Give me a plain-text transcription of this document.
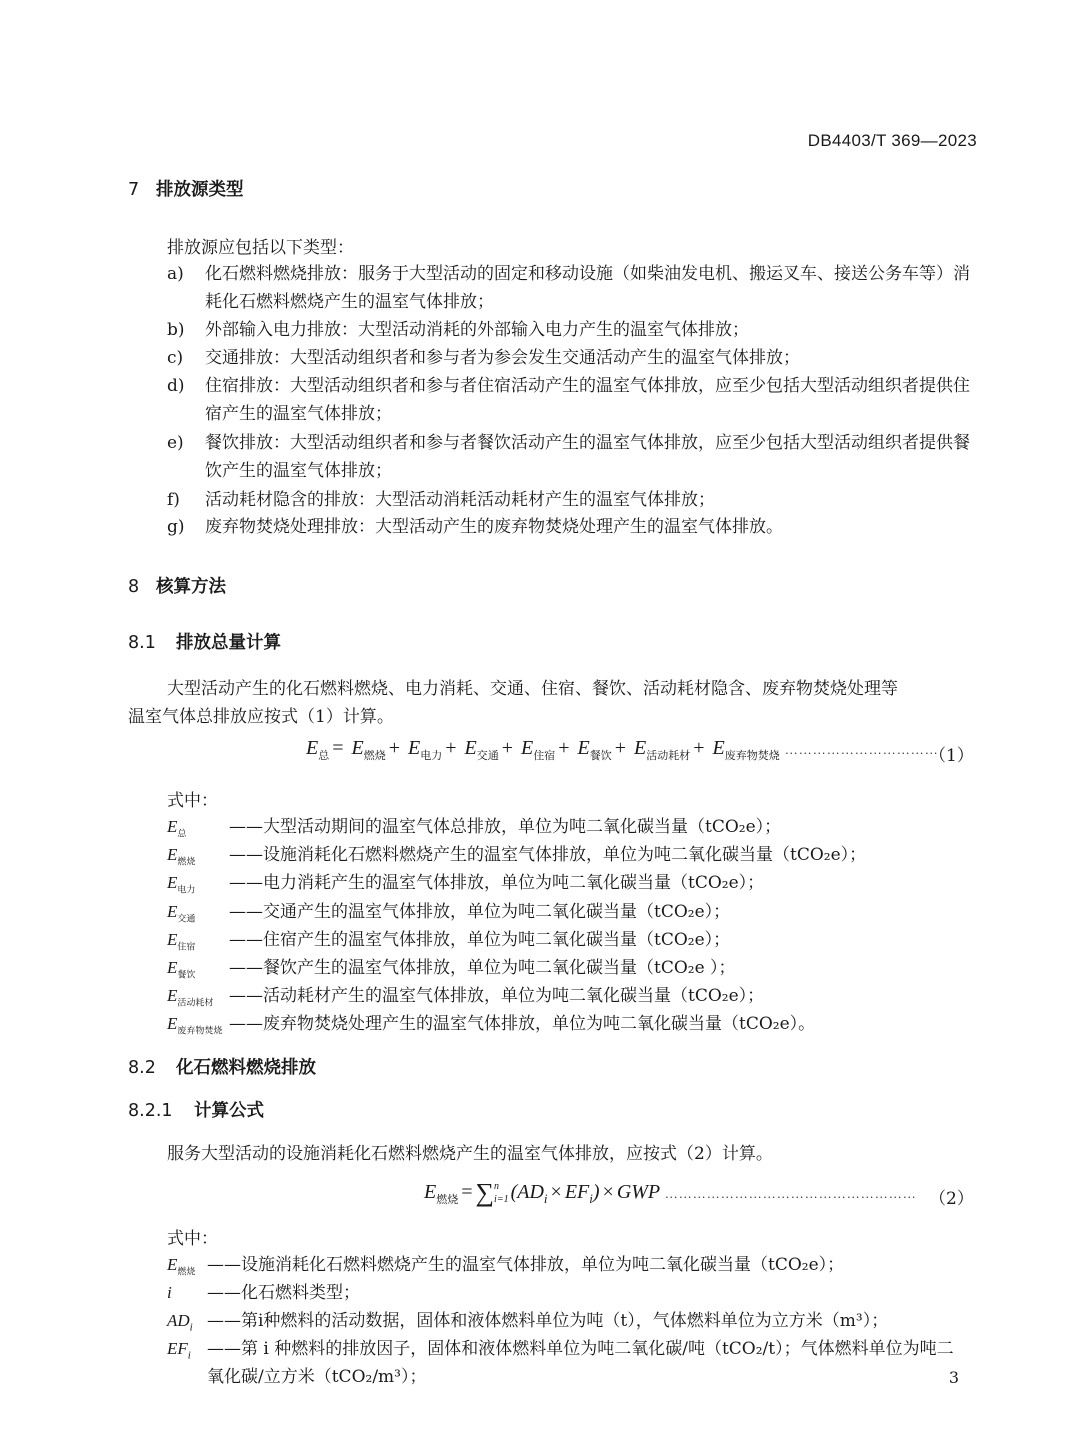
DB4403/T 369—2023
7 排放源类型
排放源应包括以下类型：
a)	化石燃料燃烧排放：服务于大型活动的固定和移动设施（如柴油发电机、搬运叉车、接送公务车等）消耗化石燃料燃烧产生的温室气体排放；
b)	外部输入电力排放：大型活动消耗的外部输入电力产生的温室气体排放；
c)	交通排放：大型活动组织者和参与者为参会发生交通活动产生的温室气体排放；
d)	住宿排放：大型活动组织者和参与者住宿活动产生的温室气体排放，应至少包括大型活动组织者提供住宿产生的温室气体排放；
e)	餐饮排放：大型活动组织者和参与者餐饮活动产生的温室气体排放，应至少包括大型活动组织者提供餐饮产生的温室气体排放；
f)	活动耗材隐含的排放：大型活动消耗活动耗材产生的温室气体排放；
g)	废弃物焚烧处理排放：大型活动产生的废弃物焚烧处理产生的温室气体排放。
8 核算方法
8.1 排放总量计算
大型活动产生的化石燃料燃烧、电力消耗、交通、住宿、餐饮、活动耗材隐含、废弃物焚烧处理等
温室气体总排放应按式（1）计算。
$E_总 = E_{燃烧} + E_{电力} + E_{交通} + E_{住宿} + E_{餐饮} + E_{活动耗材} + E_{废弃物焚烧}$ ……………………………
（1）
式中：
$E_总$	——大型活动期间的温室气体总排放，单位为吨二氧化碳当量（tCO₂e）；
$E_{燃烧}$ ——设施消耗化石燃料燃烧产生的温室气体排放，单位为吨二氧化碳当量（tCO₂e）；
$E_{电力}$ ——电力消耗产生的温室气体排放，单位为吨二氧化碳当量（tCO₂e）；
$E_{交通}$ ——交通产生的温室气体排放，单位为吨二氧化碳当量（tCO₂e）；
$E_{住宿}$ ——住宿产生的温室气体排放，单位为吨二氧化碳当量（tCO₂e）；
$E_{餐饮}$ ——餐饮产生的温室气体排放，单位为吨二氧化碳当量（tCO₂e ）；
$E_{活动耗材}$ ——活动耗材产生的温室气体排放，单位为吨二氧化碳当量（tCO₂e）；
$E_{废弃物焚烧}$ ——废弃物焚烧处理产生的温室气体排放，单位为吨二氧化碳当量（tCO₂e）。
8.2 化石燃料燃烧排放
8.2.1 计算公式
服务大型活动的设施消耗化石燃料燃烧产生的温室气体排放，应按式（2）计算。
$E_{燃烧}$ = ∑ n
i=1 $(AD_i \times EF_i)$ × GWP ……………………………………………… （2）
式中：
$E_{燃烧}$ ——设施消耗化石燃料燃烧产生的温室气体排放，单位为吨二氧化碳当量（tCO₂e）；
i ——化石燃料类型；
$AD_i$ ——第i种燃料的活动数据，固体和液体燃料单位为吨（t），气体燃料单位为立方米（m³）；
$EF_i$ ——第 i 种燃料的排放因子，固体和液体燃料单位为吨二氧化碳/吨（tCO₂/t）；气体燃料单位为吨二氧化碳/立方米（tCO₂/m³）；	3
